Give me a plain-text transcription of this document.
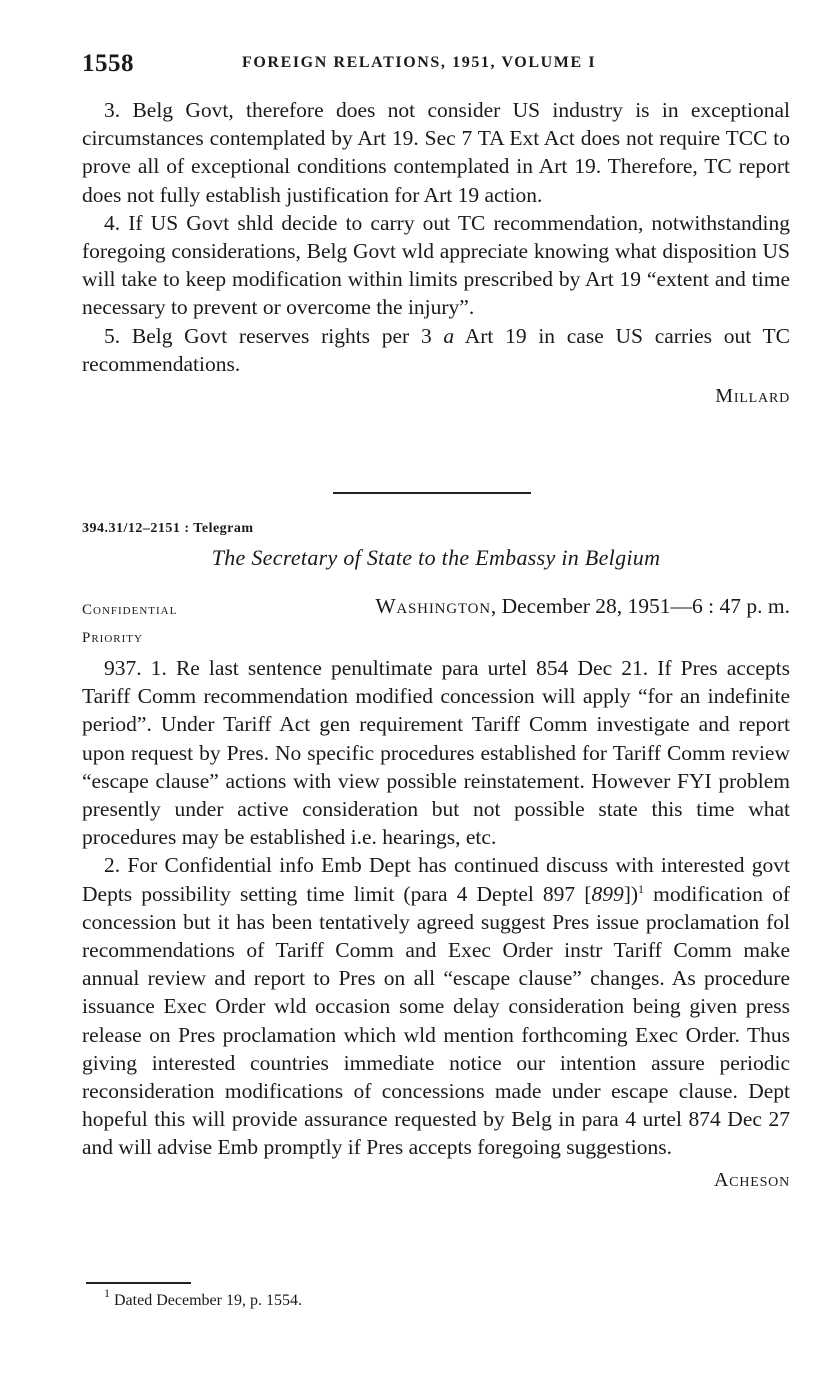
1558	FOREIGN RELATIONS, 1951, VOLUME I

3. Belg Govt, therefore does not consider US industry is in exceptional circumstances contemplated by Art 19. Sec 7 TA Ext Act does not require TCC to prove all of exceptional conditions contemplated in Art 19. Therefore, TC report does not fully establish justification for Art 19 action.

4. If US Govt shld decide to carry out TC recommendation, notwithstanding foregoing considerations, Belg Govt wld appreciate knowing what disposition US will take to keep modification within limits prescribed by Art 19 “extent and time necessary to prevent or overcome the injury”.

5. Belg Govt reserves rights per 3 a Art 19 in case US carries out TC recommendations.

Millard

394.31/12–2151 : Telegram
The Secretary of State to the Embassy in Belgium
Confidential	Washington, December 28, 1951—6 : 47 p. m.
Priority

937. 1. Re last sentence penultimate para urtel 854 Dec 21. If Pres accepts Tariff Comm recommendation modified concession will apply “for an indefinite period”. Under Tariff Act gen requirement Tariff Comm investigate and report upon request by Pres. No specific procedures established for Tariff Comm review “escape clause” actions with view possible reinstatement. However FYI problem presently under active consideration but not possible state this time what procedures may be established i.e. hearings, etc.

2. For Confidential info Emb Dept has continued discuss with interested govt Depts possibility setting time limit (para 4 Deptel 897 [899])$^1$ modification of concession but it has been tentatively agreed suggest Pres issue proclamation fol recommendations of Tariff Comm and Exec Order instr Tariff Comm make annual review and report to Pres on all “escape clause” changes. As procedure issuance Exec Order wld occasion some delay consideration being given press release on Pres proclamation which wld mention forthcoming Exec Order. Thus giving interested countries immediate notice our intention assure periodic reconsideration modifications of concessions made under escape clause. Dept hopeful this will provide assurance requested by Belg in para 4 urtel 874 Dec 27 and will advise Emb promptly if Pres accepts foregoing suggestions.

Acheson

$^1$ Dated December 19, p. 1554.
